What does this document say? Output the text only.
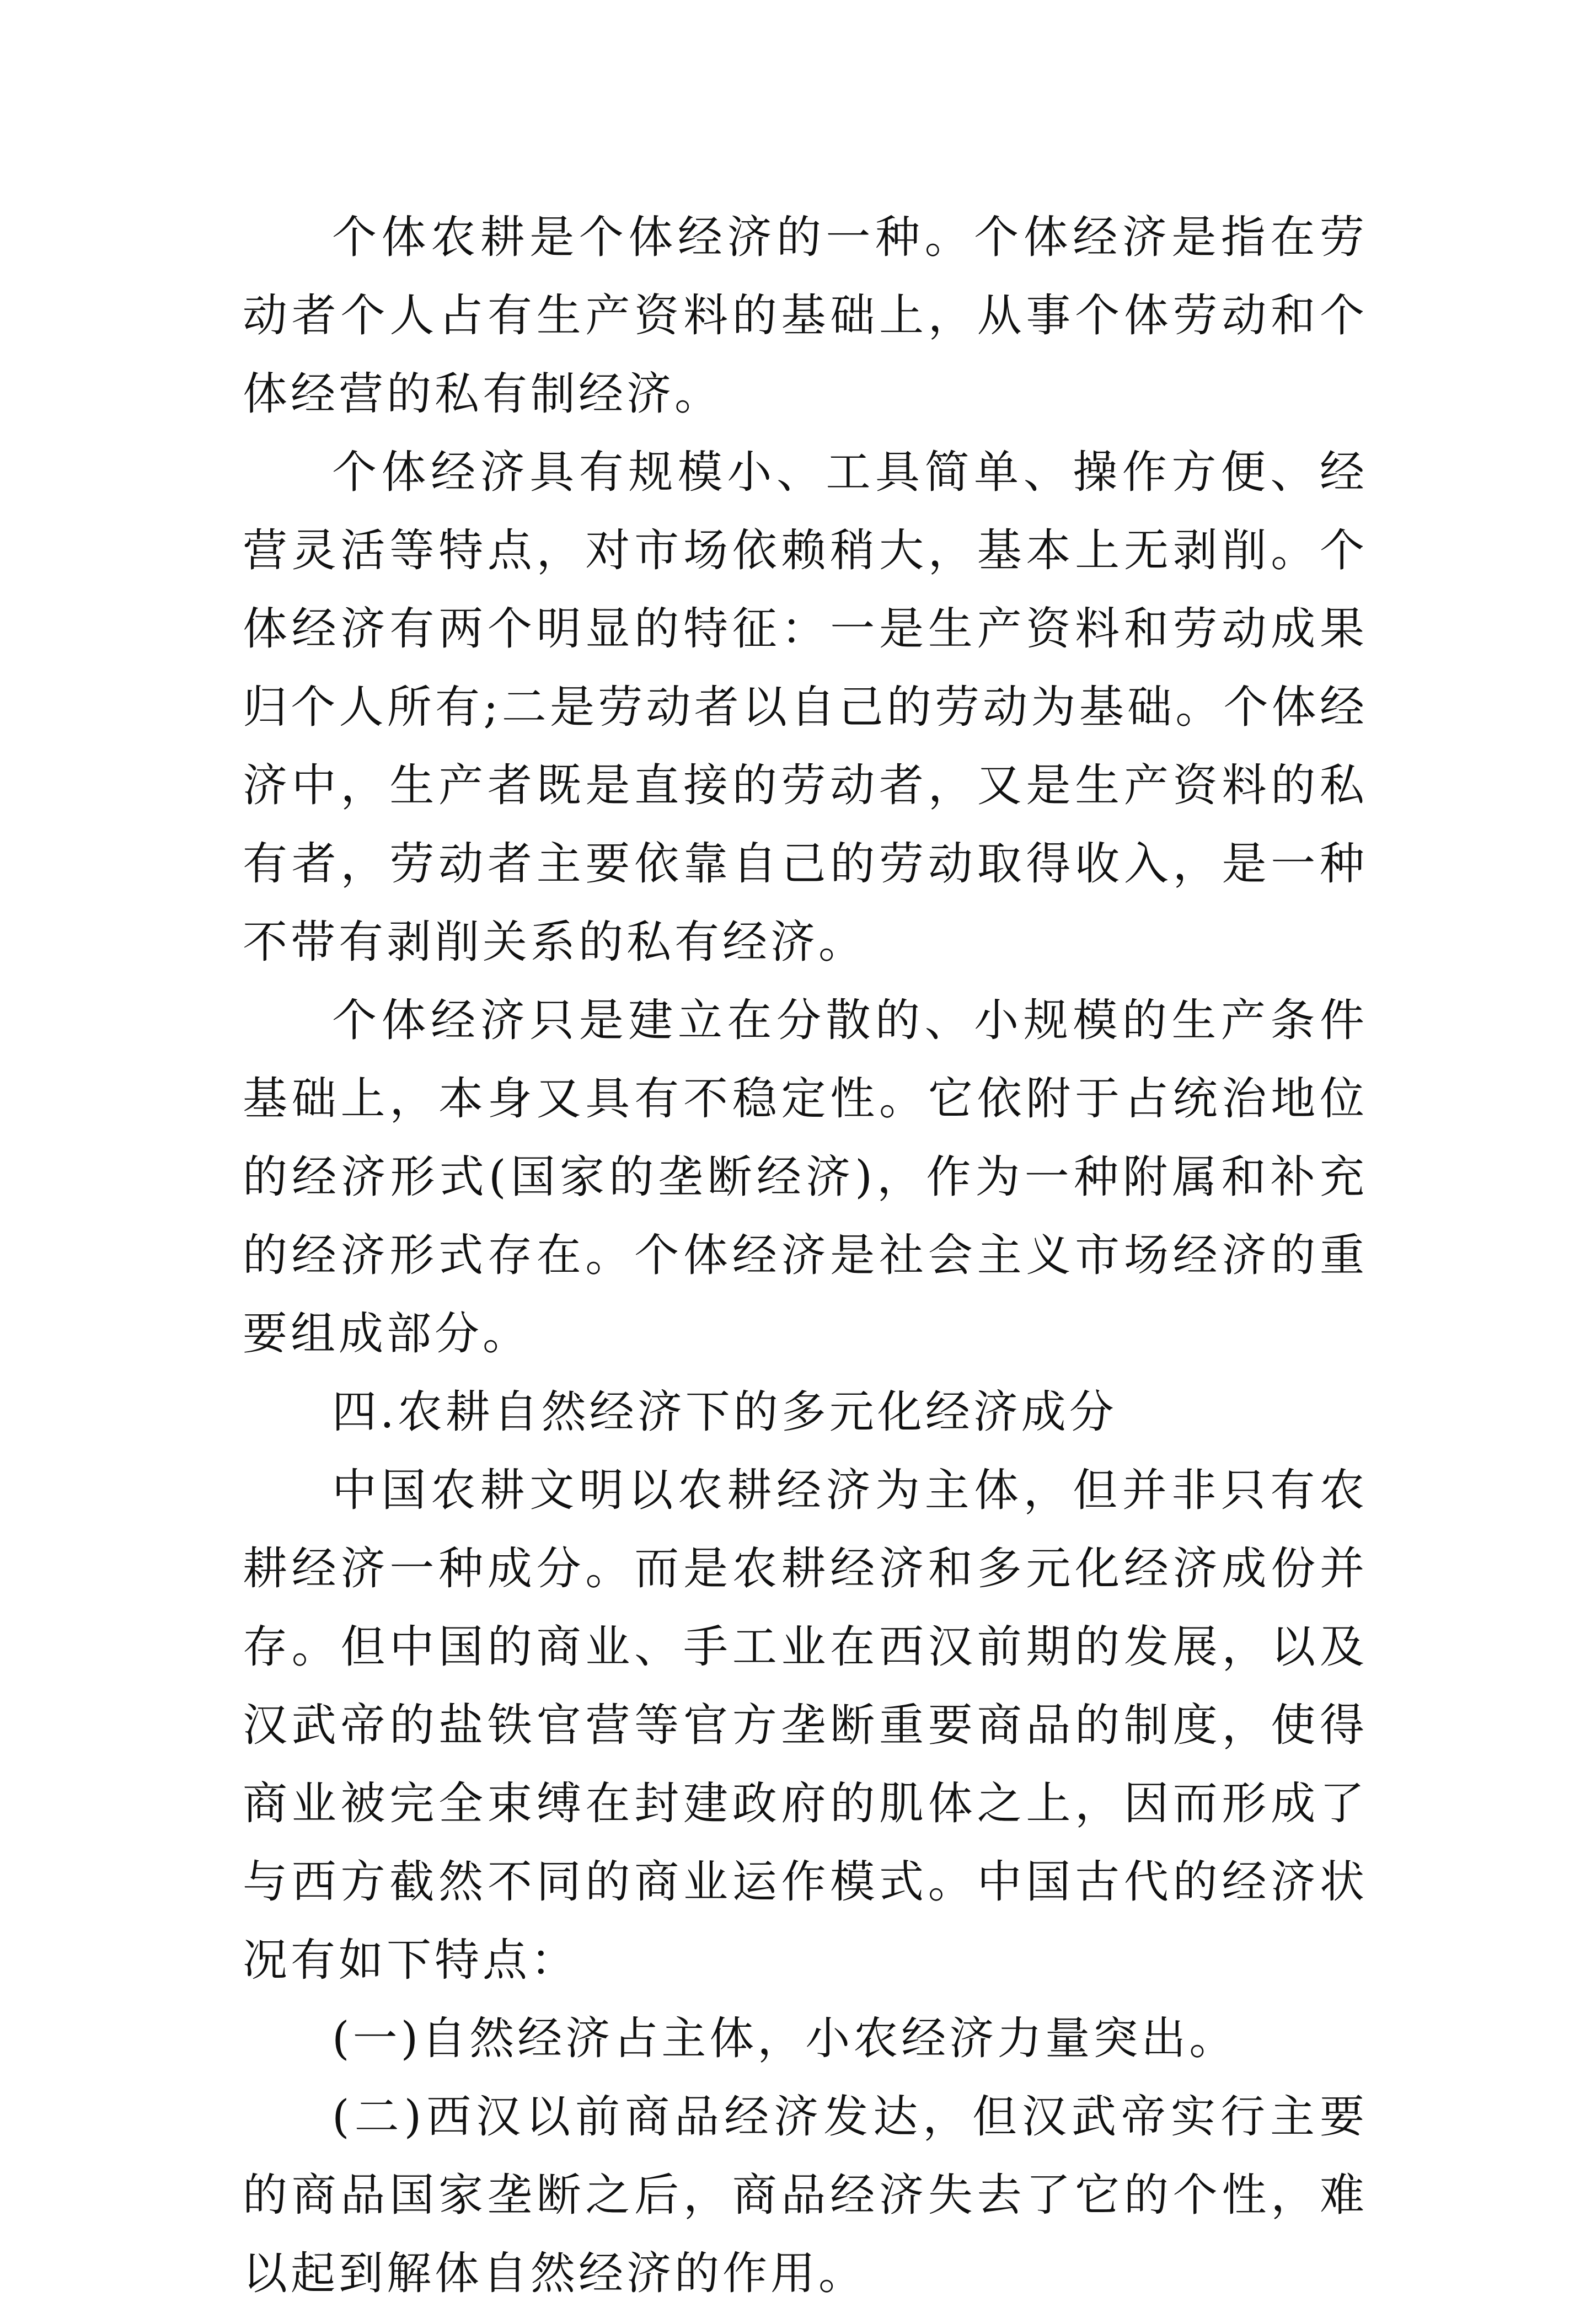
个体农耕是个体经济的一种。个体经济是指在劳动者个人占有生产资料的基础上，从事个体劳动和个体经营的私有制经济。

个体经济具有规模小、工具简单、操作方便、经营灵活等特点，对市场依赖稍大，基本上无剥削。个体经济有两个明显的特征：一是生产资料和劳动成果归个人所有;二是劳动者以自己的劳动为基础。个体经济中，生产者既是直接的劳动者，又是生产资料的私有者，劳动者主要依靠自己的劳动取得收入，是一种不带有剥削关系的私有经济。

个体经济只是建立在分散的、小规模的生产条件基础上，本身又具有不稳定性。它依附于占统治地位的经济形式(国家的垄断经济)，作为一种附属和补充的经济形式存在。个体经济是社会主义市场经济的重要组成部分。

四.农耕自然经济下的多元化经济成分

中国农耕文明以农耕经济为主体，但并非只有农耕经济一种成分。而是农耕经济和多元化经济成份并存。但中国的商业、手工业在西汉前期的发展，以及汉武帝的盐铁官营等官方垄断重要商品的制度，使得商业被完全束缚在封建政府的肌体之上，因而形成了与西方截然不同的商业运作模式。中国古代的经济状况有如下特点：

(一)自然经济占主体，小农经济力量突出。

(二)西汉以前商品经济发达，但汉武帝实行主要的商品国家垄断之后，商品经济失去了它的个性，难以起到解体自然经济的作用。
